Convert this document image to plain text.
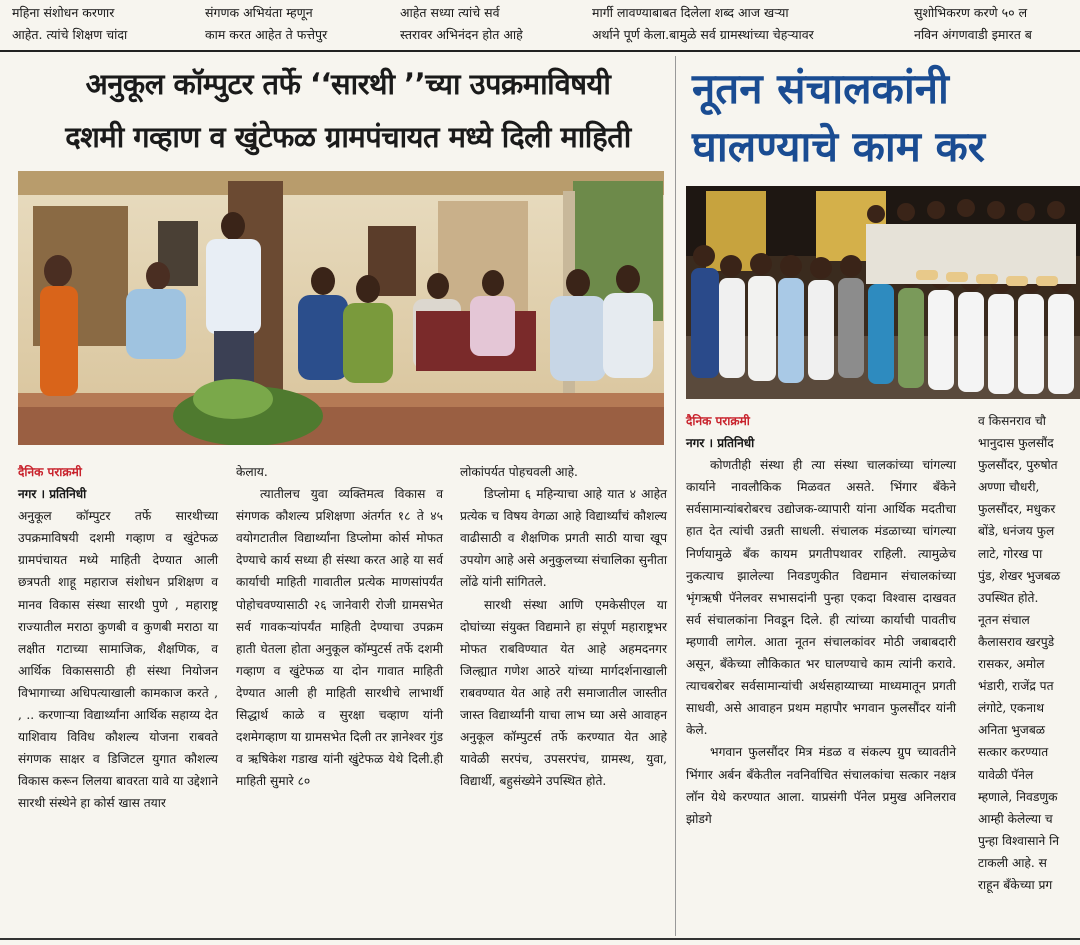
महिना संशोधन करणार
आहेत. त्यांचे शिक्षण चांदा
संगणक अभियंता म्हणून
काम करत आहेत ते फत्तेपुर
आहेत सध्या त्यांचे सर्व
स्तरावर अभिनंदन होत आहे
मार्गी लावण्याबाबत दिलेला शब्द आज खऱ्या
अर्थाने पूर्ण केला.बामुळे सर्व ग्रामस्थांच्या चेहऱ्यावर
सुशोभिकरण करणे ५० ल
नविन अंगणवाडी इमारत ब
अनुकूल कॉम्पुटर तर्फे ‘‘सारथी ’’च्या उपक्रमाविषयी
दशमी गव्हाण व खुंटेफळ ग्रामपंचायत मध्ये दिली माहिती
दैनिक पराक्रमी
नगर । प्रतिनिधी

अनुकूल कॉम्पुटर तर्फे सारथीच्या उपक्रमाविषयी दशमी गव्हाण व खुंटेफळ ग्रामपंचायत मध्ये माहिती देण्यात आली छत्रपती शाहू महाराज संशोधन प्रशिक्षण व मानव विकास संस्था सारथी पुणे , महाराष्ट्र राज्यातील मराठा कुणबी व कुणबी मराठा या लक्षीत गटाच्या सामाजिक, शैक्षणिक, व आर्थिक विकाससाठी ही संस्था नियोजन विभागाच्या अधिपत्याखाली कामकाज करते , , .. करणाऱ्या विद्यार्थ्यांना आर्थिक सहाय्य देत याशिवाय विविध कौशल्य योजना राबवते संगणक साक्षर व डिजिटल युगात कौशल्य विकास करून लिलया बावरता यावे या उद्देशाने सारथी संस्थेने हा कोर्स खास तयार

केलाय.

त्यातीलच युवा व्यक्तिमत्व विकास व संगणक कौशल्य प्रशिक्षणा अंतर्गत १८ ते ४५ वयोगटातील विद्यार्थ्यांना डिप्लोमा कोर्स मोफत देण्याचे कार्य सध्या ही संस्था करत आहे या सर्व कार्याची माहिती गावातील प्रत्येक माणसांपर्यंत पोहोचवण्यासाठी २६ जानेवारी रोजी ग्रामसभेत सर्व गावकऱ्यांपर्यंत माहिती देण्याचा उपक्रम हाती घेतला होता अनुकूल कॉम्पुटर्स तर्फे दशमी गव्हाण व खुंटेफळ या दोन गावात माहिती देण्यात आली ही माहिती सारथीचे लाभार्थी सिद्धार्थ काळे व सुरक्षा चव्हाण यांनी दशमेगव्हाण या ग्रामसभेत दिली तर ज्ञानेश्वर गुंड व ऋषिकेश गडाख यांनी खुंटेफळ येथे दिली.ही माहिती सुमारे ८०

लोकांपर्यत पोहचवली आहे.

डिप्लोमा ६ महिन्याचा आहे यात ४ आहेत प्रत्येक च विषय वेगळा आहे विद्यार्थ्यांचं कौशल्य वाढीसाठी व शैक्षणिक प्रगती साठी याचा खूप उपयोग आहे असे अनुकुलच्या संचालिका सुनीता लोंढे यांनी सांगितले.

सारथी संस्था आणि एमकेसीएल या दोघांच्या संयुक्त विद्यमाने हा संपूर्ण महाराष्ट्रभर मोफत राबविण्यात येत आहे अहमदनगर जिल्ह्यात गणेश आठरे यांच्या मार्गदर्शनाखाली राबवण्यात येत आहे तरी समाजातील जास्तीत जास्त विद्यार्थ्यांनी याचा लाभ घ्या असे आवाहन अनुकूल कॉम्पुटर्स तर्फे करण्यात येत आहे यावेळी सरपंच, उपसरपंच, ग्रामस्थ, युवा, विद्यार्थी, बहुसंख्येने उपस्थित होते.

नूतन संचालकांनी
घालण्याचे काम कर
दैनिक पराक्रमी
नगर । प्रतिनिधी

कोणतीही संस्था ही त्या संस्था चालकांच्या चांगल्या कार्याने नावलौकिक मिळवत असते. भिंगार बँकेने सर्वसामान्यांबरोबरच उद्योजक-व्यापारी यांना आर्थिक मदतीचा हात देत त्यांची उन्नती साधली. संचालक मंडळाच्या चांगल्या निर्णयामुळे बँक कायम प्रगतीपथावर राहिली. त्यामुळेच नुकत्याच झालेल्या निवडणुकीत विद्यमान संचालकांच्या भृंगऋषी पॅनेलवर सभासदांनी पुन्हा एकदा विश्वास दाखवत सर्व संचालकांना निवडून दिले. ही त्यांच्या कार्याची पावतीच म्हणावी लागेल. आता नूतन संचालकांवर मोठी जबाबदारी असून, बँकेच्या लौकिकात भर घालण्याचे काम त्यांनी करावे. त्याचबरोबर सर्वसामान्यांची अर्थसहाय्याच्या माध्यमातून प्रगती साधवी, असे आवाहन प्रथम महापौर भगवान फुलसौंदर यांनी केले.

भगवान फुलसौंदर मित्र मंडळ व संकल्प ग्रुप च्यावतीने भिंगार अर्बन बँकेतील नवनिर्वाचित संचालकांचा सत्कार नक्षत्र लॉन येथे करण्यात आला. याप्रसंगी पॅनेल प्रमुख अनिलराव झोडगे

व किसनराव चौ
भानुदास फुलसौंद
फुलसौंदर, पुरुषोत
अण्णा चौधरी,
फुलसौंदर, मधुकर
बोंडे, धनंजय फुल
लाटे, गोरख पा
पुंड, शेखर भुजबळ
उपस्थित होते.
नूतन संचाल
कैलासराव खरपुडे
रासकर, अमोल
भंडारी, राजेंद्र पत
लंगोटे, एकनाथ
अनिता भुजबळ
सत्कार करण्यात
यावेळी पॅनेल
म्हणाले, निवडणुक
आम्ही केलेल्या च
पुन्हा विश्वासाने नि
टाकली आहे. स
राहून बँकेच्या प्रग
